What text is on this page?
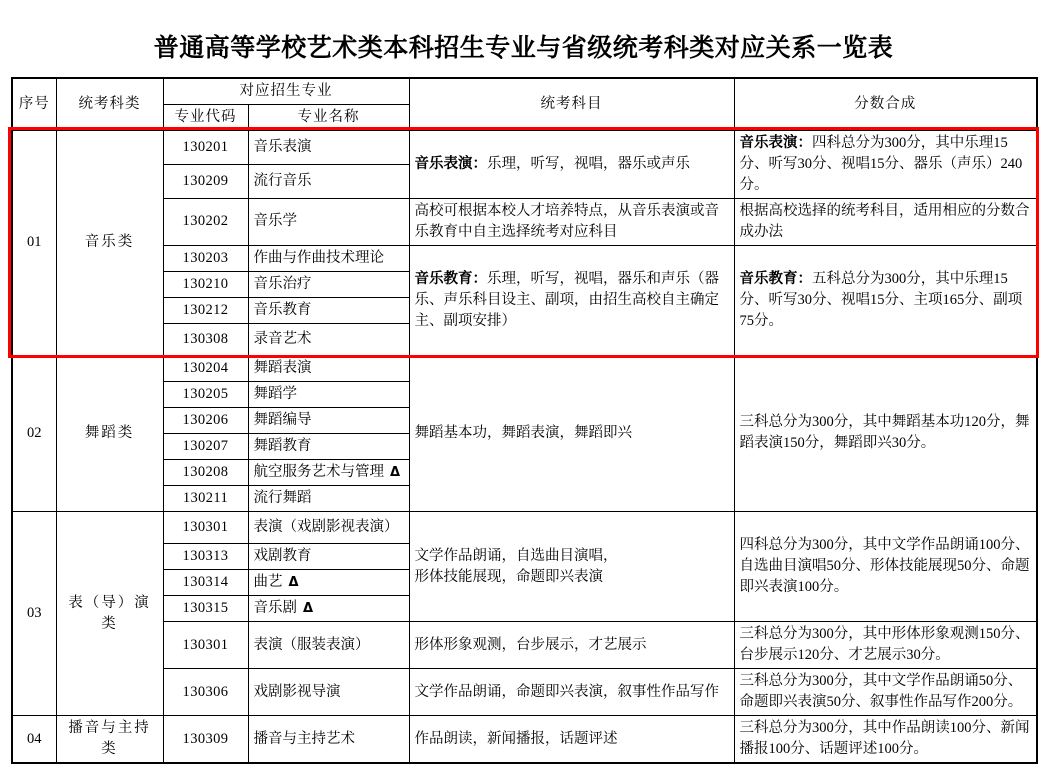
普通高等学校艺术类本科招生专业与省级统考科类对应关系一览表
序号	统考科类	对应招生专业		统考科目	分数合成
		专业代码	专业名称		
01	音乐类	130201	音乐表演	音乐表演：乐理，听写，视唱，器乐或声乐	音乐表演：四科总分为300分，其中乐理15分、听写30分、视唱15分、器乐（声乐）240分。
		130209	流行音乐		
		130202	音乐学	高校可根据本校人才培养特点，从音乐表演或音乐教育中自主选择统考对应科目	根据高校选择的统考科目，适用相应的分数合成办法
		130203	作曲与作曲技术理论	音乐教育：乐理，听写，视唱，器乐和声乐（器乐、声乐科目设主、副项，由招生高校自主确定主、副项安排）	音乐教育：五科总分为300分，其中乐理15分、听写30分、视唱15分、主项165分、副项75分。
		130210	音乐治疗		
		130212	音乐教育		
		130308	录音艺术		
02	舞蹈类	130204	舞蹈表演	舞蹈基本功，舞蹈表演，舞蹈即兴	三科总分为300分，其中舞蹈基本功120分，舞蹈表演150分，舞蹈即兴30分。
		130205	舞蹈学		
		130206	舞蹈编导		
		130207	舞蹈教育		
		130208	航空服务艺术与管理 Δ		
		130211	流行舞蹈		
03	表（导）演类	130301	表演（戏剧影视表演）	文学作品朗诵，自选曲目演唱，
形体技能展现，命题即兴表演	四科总分为300分，其中文学作品朗诵100分、自选曲目演唱50分、形体技能展现50分、命题即兴表演100分。
		130313	戏剧教育		
		130314	曲艺 Δ		
		130315	音乐剧 Δ		
		130301	表演（服装表演）	形体形象观测，台步展示，才艺展示	三科总分为300分，其中形体形象观测150分、台步展示120分、才艺展示30分。
		130306	戏剧影视导演	文学作品朗诵，命题即兴表演，叙事性作品写作	三科总分为300分，其中文学作品朗诵50分、命题即兴表演50分、叙事性作品写作200分。
04	播音与主持类	130309	播音与主持艺术	作品朗读，新闻播报，话题评述	三科总分为300分，其中作品朗读100分、新闻播报100分、话题评述100分。
